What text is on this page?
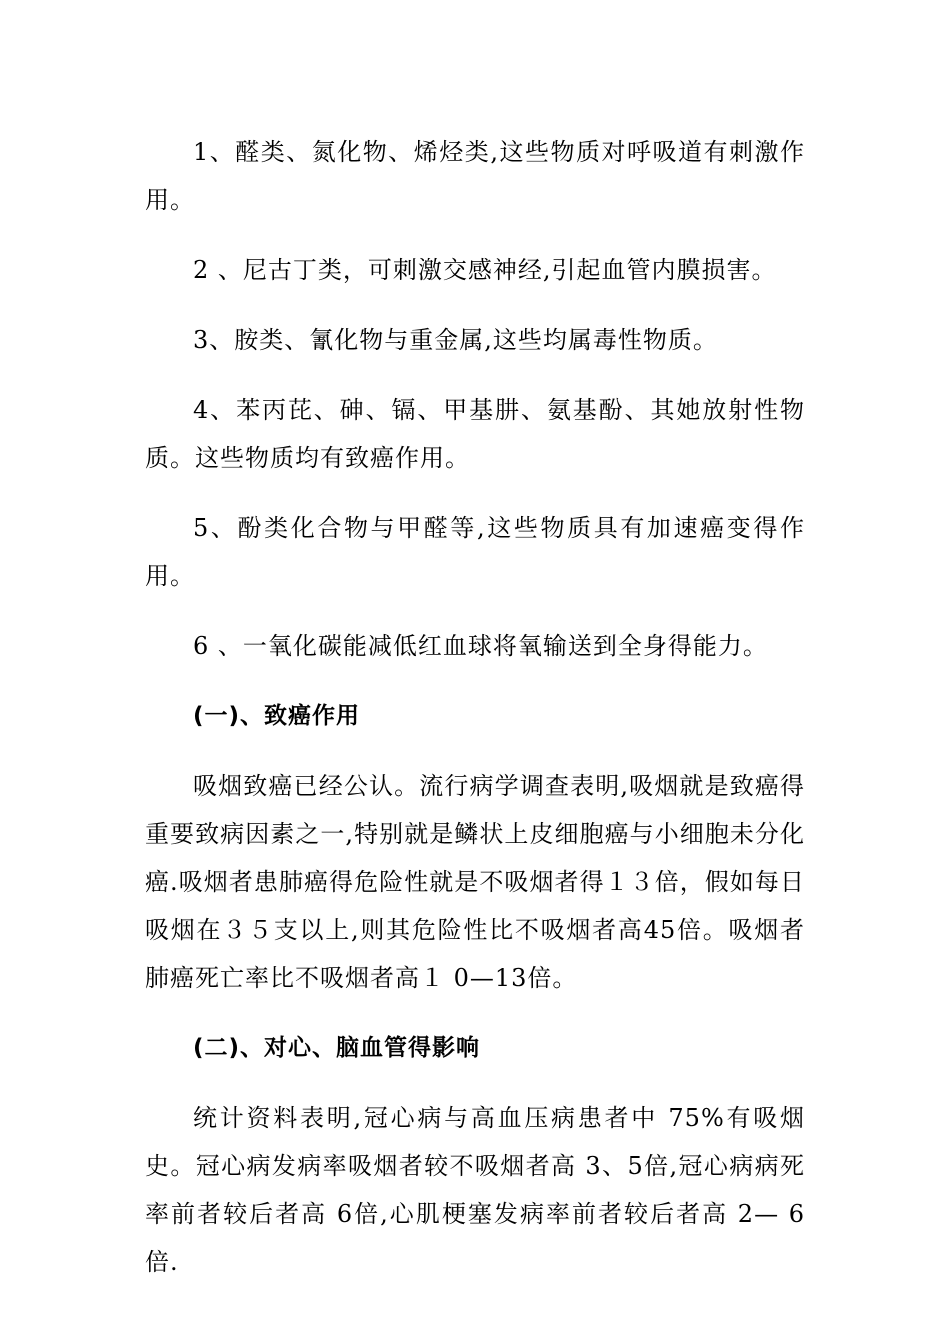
1、醛类、氮化物、烯烃类,这些物质对呼吸道有刺激作用。

2 、尼古丁类，可刺激交感神经,引起血管内膜损害。

3、胺类、氰化物与重金属,这些均属毒性物质。

4、苯丙芘、砷、镉、甲基肼、氨基酚、其她放射性物质。这些物质均有致癌作用。

5、酚类化合物与甲醛等,这些物质具有加速癌变得作用。

6 、一氧化碳能减低红血球将氧输送到全身得能力。

(一)、致癌作用

吸烟致癌已经公认。流行病学调查表明,吸烟就是致癌得重要致病因素之一,特别就是鳞状上皮细胞癌与小细胞未分化癌.吸烟者患肺癌得危险性就是不吸烟者得１３倍，假如每日吸烟在３５支以上,则其危险性比不吸烟者高45倍。吸烟者肺癌死亡率比不吸烟者高１ 0—13倍。

(二)、对心、脑血管得影响

统计资料表明,冠心病与高血压病患者中 75%有吸烟史。冠心病发病率吸烟者较不吸烟者高 3、5倍,冠心病病死率前者较后者高 6倍,心肌梗塞发病率前者较后者高 2— 6倍.
